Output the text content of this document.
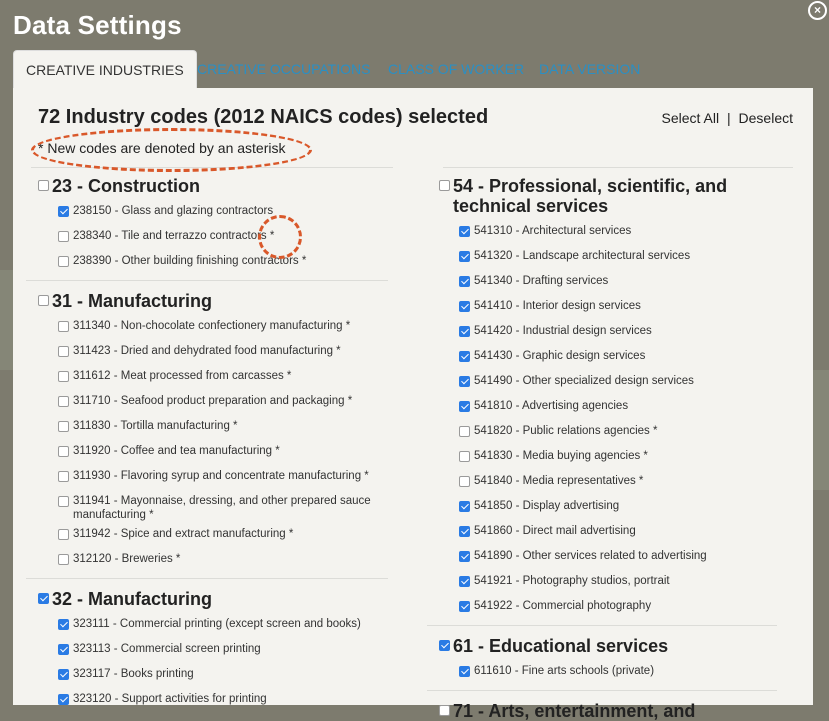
Data Settings	×
CREATIVE INDUSTRIES CREATIVE OCCUPATIONS CLASS OF WORKER DATA VERSION
72 Industry codes (2012 NAICS codes) selected
* New codes are denoted by an asterisk
Select All | Deselect
23 - Construction
238150 - Glass and glazing contractors
238340 - Tile and terrazzo contractors *
238390 - Other building finishing contractors *
31 - Manufacturing
311340 - Non-chocolate confectionery manufacturing *
311423 - Dried and dehydrated food manufacturing *
311612 - Meat processed from carcasses *
311710 - Seafood product preparation and packaging *
311830 - Tortilla manufacturing *
311920 - Coffee and tea manufacturing *
311930 - Flavoring syrup and concentrate manufacturing *
311941 - Mayonnaise, dressing, and other prepared sauce
manufacturing *
311942 - Spice and extract manufacturing *
312120 - Breweries *
32 - Manufacturing
323111 - Commercial printing (except screen and books)
323113 - Commercial screen printing
323117 - Books printing
323120 - Support activities for printing
54 - Professional, scientific, and
technical services
541310 - Architectural services
541320 - Landscape architectural services
541340 - Drafting services
541410 - Interior design services
541420 - Industrial design services
541430 - Graphic design services
541490 - Other specialized design services
541810 - Advertising agencies
541820 - Public relations agencies *
541830 - Media buying agencies *
541840 - Media representatives *
541850 - Display advertising
541860 - Direct mail advertising
541890 - Other services related to advertising
541921 - Photography studios, portrait
541922 - Commercial photography
61 - Educational services
611610 - Fine arts schools (private)
71 - Arts, entertainment, and
